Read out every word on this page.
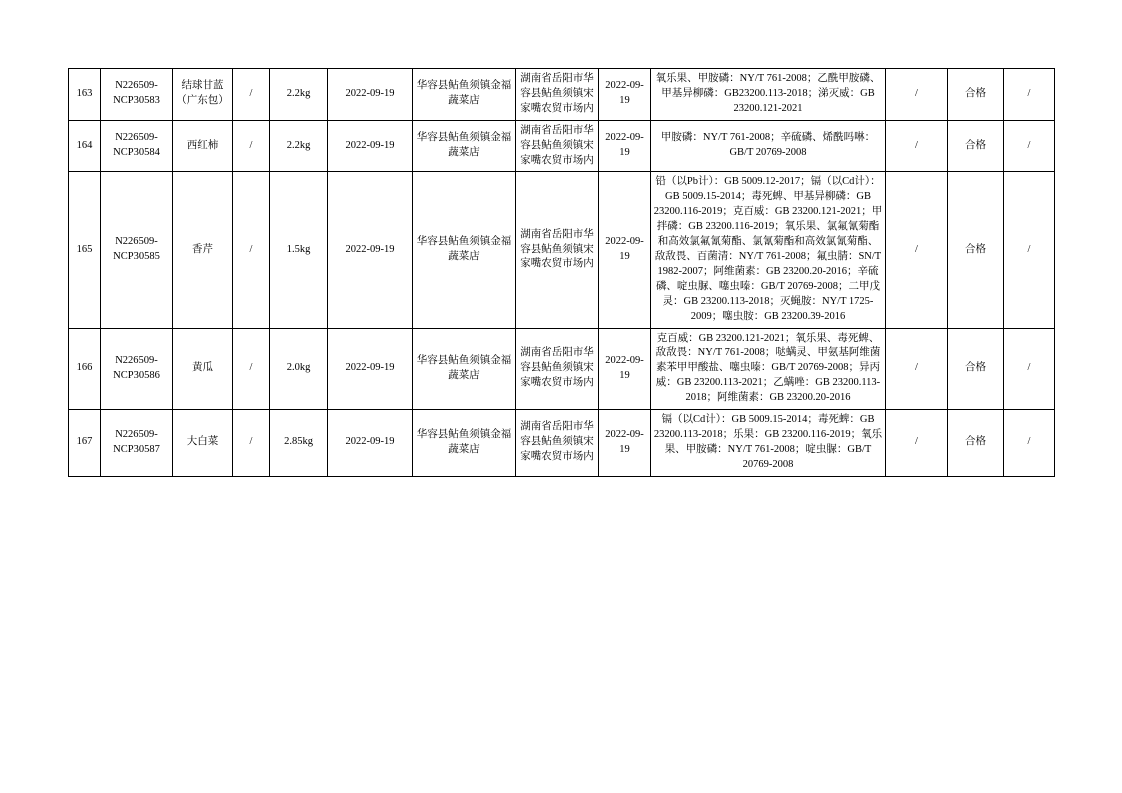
163	N226509-NCP30583	结球甘蓝（广东包）	/	2.2kg	2022-09-19	华容县鲇鱼须镇金福蔬菜店	湖南省岳阳市华容县鲇鱼须镇宋家嘴农贸市场内	2022-09-19	氧乐果、甲胺磷：NY/T 761-2008；乙酰甲胺磷、甲基异柳磷：GB23200.113-2018；涕灭威：GB 23200.121-2021	/	合格	/
164	N226509-NCP30584	西红柿	/	2.2kg	2022-09-19	华容县鲇鱼须镇金福蔬菜店	湖南省岳阳市华容县鲇鱼须镇宋家嘴农贸市场内	2022-09-19	甲胺磷：NY/T 761-2008；辛硫磷、烯酰吗啉：GB/T 20769-2008	/	合格	/
165	N226509-NCP30585	香芹	/	1.5kg	2022-09-19	华容县鲇鱼须镇金福蔬菜店	湖南省岳阳市华容县鲇鱼须镇宋家嘴农贸市场内	2022-09-19	铅（以Pb计）：GB 5009.12-2017；镉（以Cd计）：GB 5009.15-2014；毒死蜱、甲基异柳磷：GB 23200.116-2019；克百威：GB 23200.121-2021；甲拌磷：GB 23200.116-2019；氧乐果、氯氟氰菊酯和高效氯氟氰菊酯、氯氰菊酯和高效氯氰菊酯、敌敌畏、百菌清：NY/T 761-2008；氟虫腈：SN/T 1982-2007；阿维菌素：GB 23200.20-2016；辛硫磷、啶虫脲、噻虫嗪：GB/T 20769-2008；二甲戊灵：GB 23200.113-2018；灭蝇胺：NY/T 1725-2009；噻虫胺：GB 23200.39-2016	/	合格	/
166	N226509-NCP30586	黄瓜	/	2.0kg	2022-09-19	华容县鲇鱼须镇金福蔬菜店	湖南省岳阳市华容县鲇鱼须镇宋家嘴农贸市场内	2022-09-19	克百威：GB 23200.121-2021；氧乐果、毒死蜱、敌敌畏：NY/T 761-2008；哒螨灵、甲氨基阿维菌素苯甲甲酸盐、噻虫嗪：GB/T 20769-2008；异丙威：GB 23200.113-2021；乙螨唑：GB 23200.113-2018；阿维菌素：GB 23200.20-2016	/	合格	/
167	N226509-NCP30587	大白菜	/	2.85kg	2022-09-19	华容县鲇鱼须镇金福蔬菜店	湖南省岳阳市华容县鲇鱼须镇宋家嘴农贸市场内	2022-09-19	镉（以Cd计）：GB 5009.15-2014；毒死蜱：GB 23200.113-2018；乐果：GB 23200.116-2019；氧乐果、甲胺磷：NY/T 761-2008；啶虫脲：GB/T 20769-2008	/	合格	/
